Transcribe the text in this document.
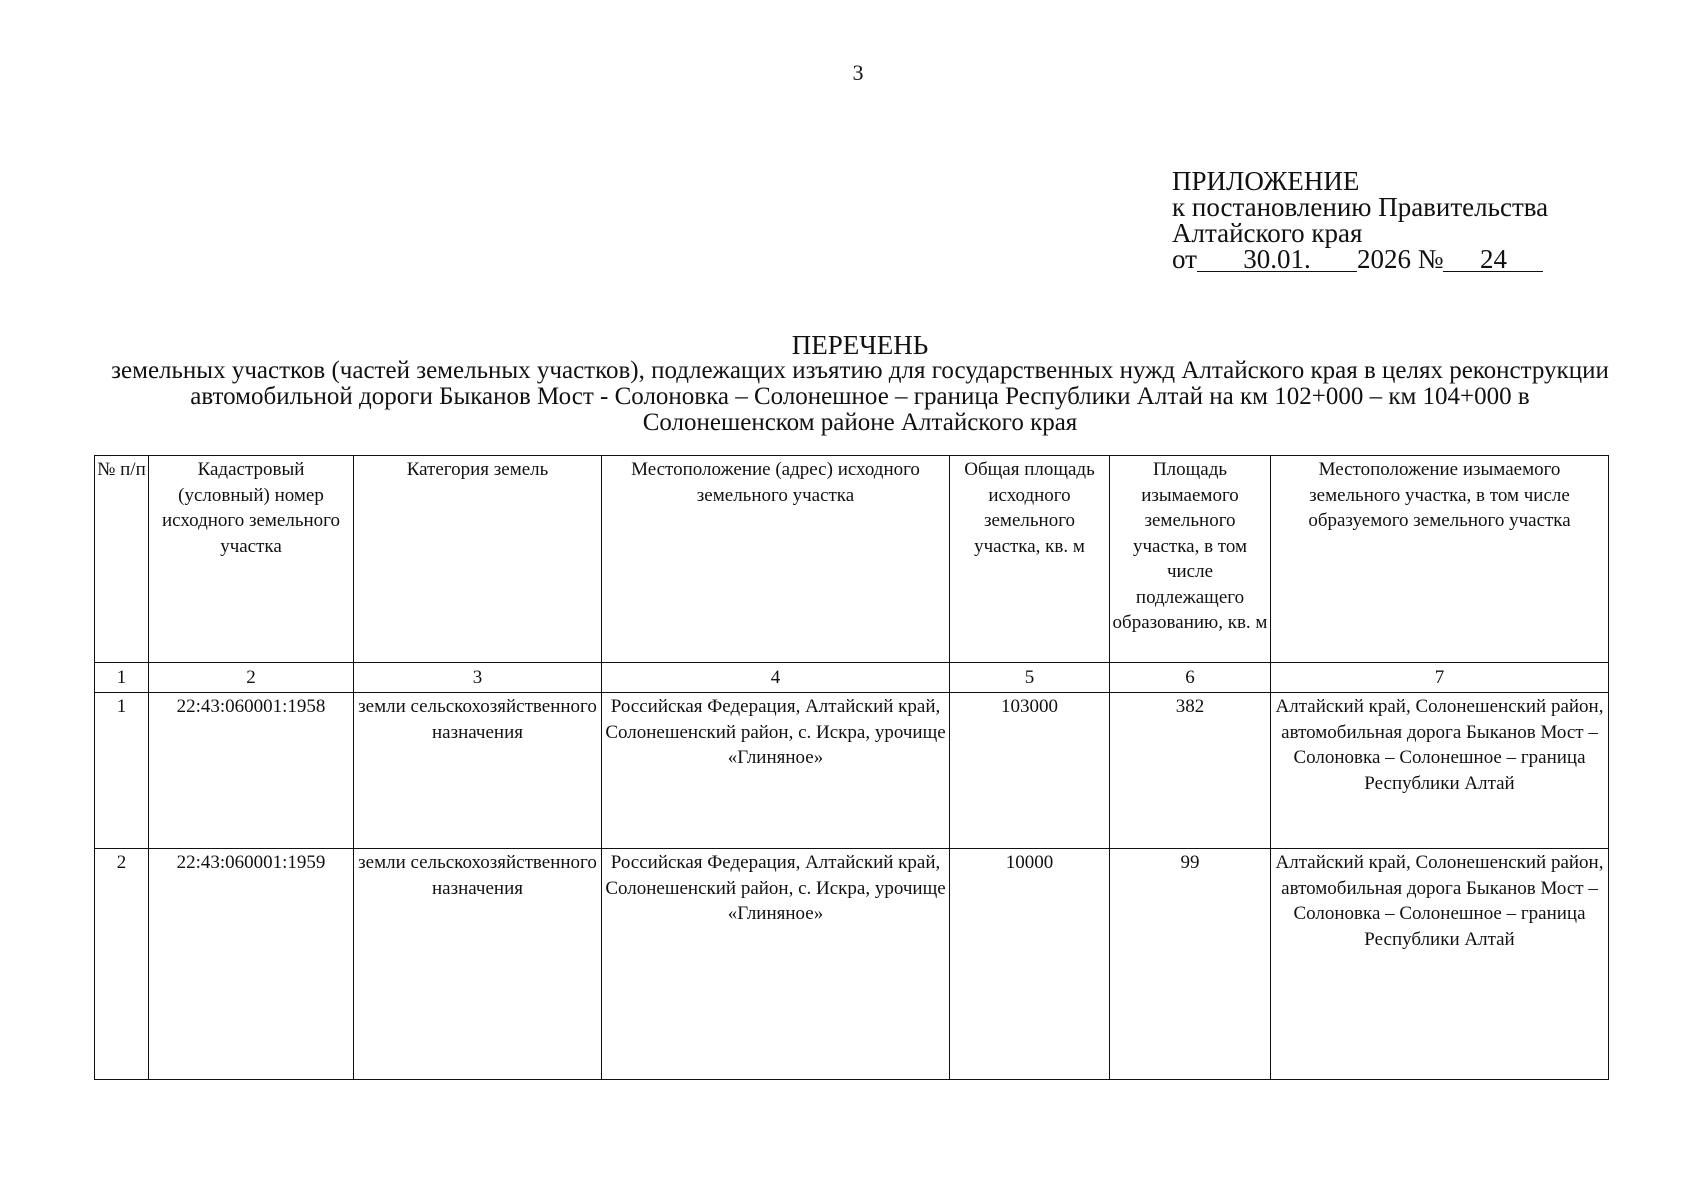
3
ПРИЛОЖЕНИЕ
к постановлению Правительства
Алтайского края
от 30.01. 2026 № 24
ПЕРЕЧЕНЬ
земельных участков (частей земельных участков), подлежащих изъятию для государственных нужд Алтайского края в целях реконструкции автомобильной дороги Быканов Мост - Солоновка – Солонешное – граница Республики Алтай на км 102+000 – км 104+000 в Солонешенском районе Алтайского края
№ п/п	Кадастровый (условный) номер исходного земельного участка	Категория земель	Местоположение (адрес) исходного земельного участка	Общая площадь исходного земельного участка, кв. м	Площадь изымаемого земельного участка, в том числе подлежащего образованию, кв. м	Местоположение изымаемого земельного участка, в том числе образуемого земельного участка
1	2	3	4	5	6	7
1	22:43:060001:1958	земли сельскохозяйственного назначения	Российская Федерация, Алтайский край, Солонешенский район, с. Искра, урочище «Глиняное»	103000	382	Алтайский край, Солонешенский район, автомобильная дорога Быканов Мост – Солоновка – Солонешное – граница Республики Алтай
2	22:43:060001:1959	земли сельскохозяйственного назначения	Российская Федерация, Алтайский край, Солонешенский район, с. Искра, урочище «Глиняное»	10000	99	Алтайский край, Солонешенский район, автомобильная дорога Быканов Мост – Солоновка – Солонешное – граница Республики Алтай
